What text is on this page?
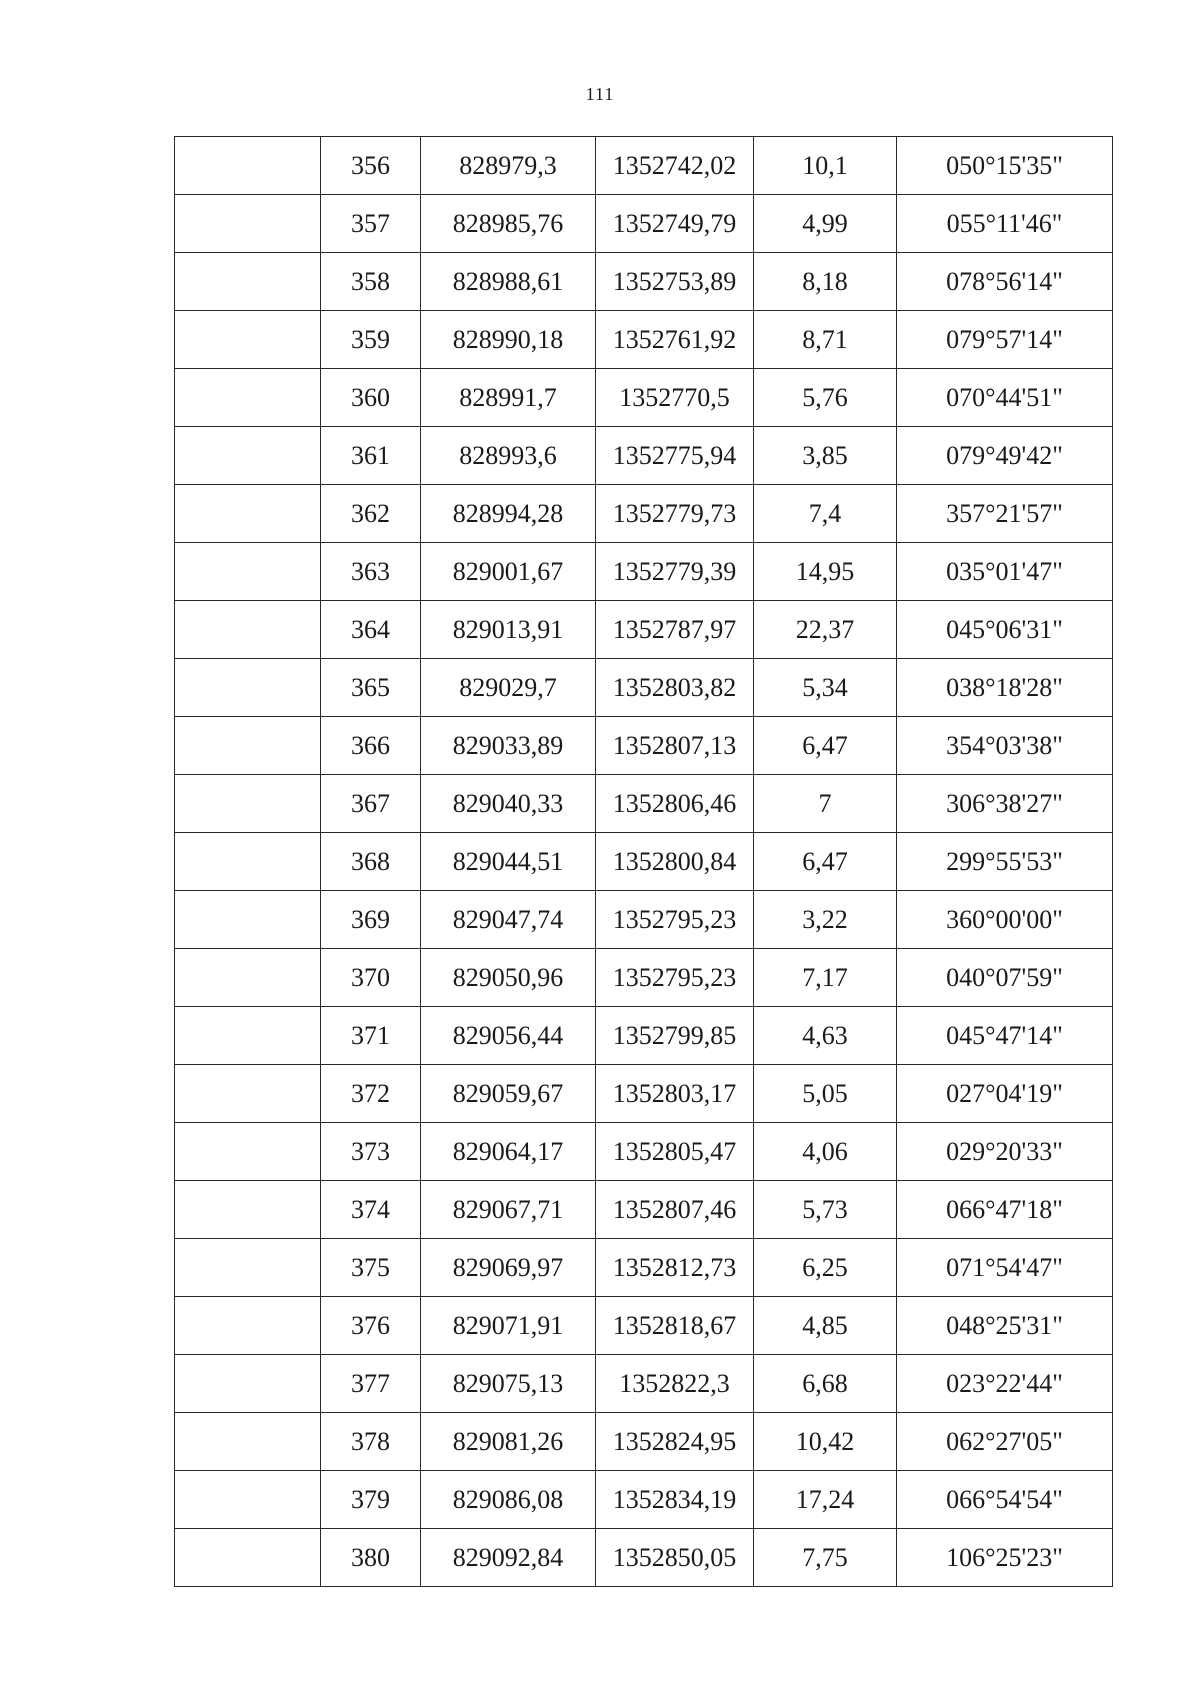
111
	356	828979,3	1352742,02	10,1	050°15'35"
	357	828985,76	1352749,79	4,99	055°11'46"
	358	828988,61	1352753,89	8,18	078°56'14"
	359	828990,18	1352761,92	8,71	079°57'14"
	360	828991,7	1352770,5	5,76	070°44'51"
	361	828993,6	1352775,94	3,85	079°49'42"
	362	828994,28	1352779,73	7,4	357°21'57"
	363	829001,67	1352779,39	14,95	035°01'47"
	364	829013,91	1352787,97	22,37	045°06'31"
	365	829029,7	1352803,82	5,34	038°18'28"
	366	829033,89	1352807,13	6,47	354°03'38"
	367	829040,33	1352806,46	7	306°38'27"
	368	829044,51	1352800,84	6,47	299°55'53"
	369	829047,74	1352795,23	3,22	360°00'00"
	370	829050,96	1352795,23	7,17	040°07'59"
	371	829056,44	1352799,85	4,63	045°47'14"
	372	829059,67	1352803,17	5,05	027°04'19"
	373	829064,17	1352805,47	4,06	029°20'33"
	374	829067,71	1352807,46	5,73	066°47'18"
	375	829069,97	1352812,73	6,25	071°54'47"
	376	829071,91	1352818,67	4,85	048°25'31"
	377	829075,13	1352822,3	6,68	023°22'44"
	378	829081,26	1352824,95	10,42	062°27'05"
	379	829086,08	1352834,19	17,24	066°54'54"
	380	829092,84	1352850,05	7,75	106°25'23"
